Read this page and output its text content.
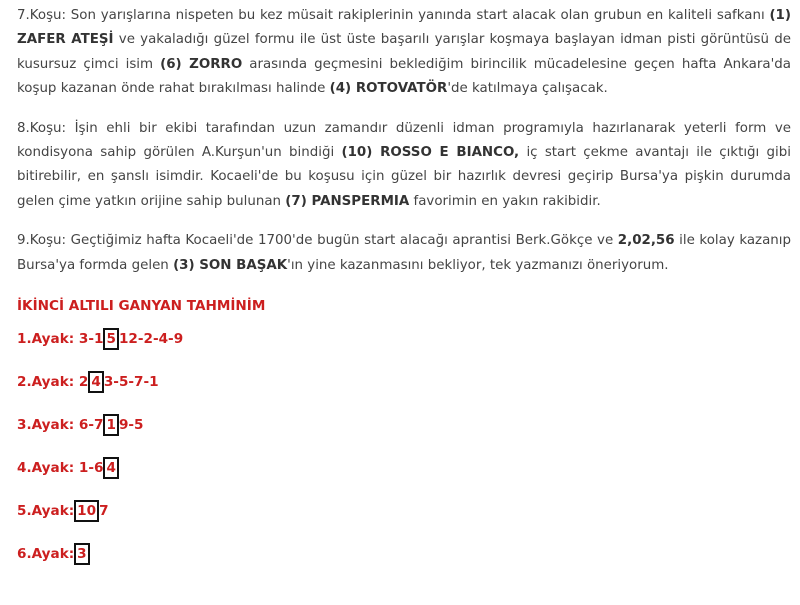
7.Koşu: Son yarışlarına nispeten bu kez müsait rakiplerinin yanında start alacak olan grubun en kaliteli safkanı (1) ZAFER ATEŞİ ve yakaladığı güzel formu ile üst üste başarılı yarışlar koşmaya başlayan idman pisti görüntüsü de kusursuz çimci isim (6) ZORRO arasında geçmesini beklediğim birincilik mücadelesine geçen hafta Ankara'da koşup kazanan önde rahat bırakılması halinde (4) ROTOVATÖR'de katılmaya çalışacak.

8.Koşu: İşin ehli bir ekibi tarafından uzun zamandır düzenli idman programıyla hazırlanarak yeterli form ve kondisyona sahip görülen A.Kurşun'un bindiği (10) ROSSO E BIANCO, iç start çekme avantajı ile çıktığı gibi bitirebilir, en şanslı isimdir. Kocaeli'de bu koşusu için güzel bir hazırlık devresi geçirip Bursa'ya pişkin durumda gelen çime yatkın orijine sahip bulunan (7) PANSPERMIA favorimin en yakın rakibidir.

9.Koşu: Geçtiğimiz hafta Kocaeli'de 1700'de bugün start alacağı aprantisi Berk.Gökçe ve 2,02,56 ile kolay kazanıp Bursa'ya formda gelen (3) SON BAŞAK'ın yine kazanmasını bekliyor, tek yazmanızı öneriyorum.

İKİNCİ ALTILI GANYAN TAHMİNİM
1.Ayak: 3-1 5 12-2-4-9
2.Ayak: 2 4 3-5-7-1
3.Ayak: 6-7 1 9-5
4.Ayak: 1-6 4
5.Ayak: 10 7
6.Ayak: 3
